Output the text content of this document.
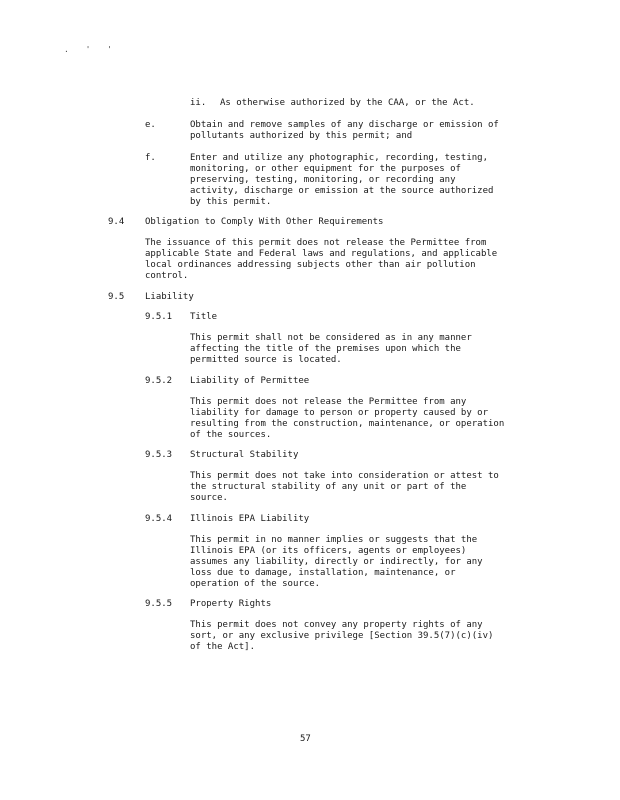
. ' '
ii. As otherwise authorized by the CAA, or the Act.
e.	Obtain and remove samples of any discharge or emission of
pollutants authorized by this permit; and
f.	Enter and utilize any photographic, recording, testing,
monitoring, or other equipment for the purposes of
preserving, testing, monitoring, or recording any
activity, discharge or emission at the source authorized
by this permit.
9.4 Obligation to Comply With Other Requirements
The issuance of this permit does not release the Permittee from
applicable State and Federal laws and regulations, and applicable
local ordinances addressing subjects other than air pollution
control.
9.5 Liability
9.5.1 Title
This permit shall not be considered as in any manner
affecting the title of the premises upon which the
permitted source is located.
9.5.2 Liability of Permittee
This permit does not release the Permittee from any
liability for damage to person or property caused by or
resulting from the construction, maintenance, or operation
of the sources.
9.5.3 Structural Stability
This permit does not take into consideration or attest to
the structural stability of any unit or part of the
source.
9.5.4 Illinois EPA Liability
This permit in no manner implies or suggests that the
Illinois EPA (or its officers, agents or employees)
assumes any liability, directly or indirectly, for any
loss due to damage, installation, maintenance, or
operation of the source.
9.5.5 Property Rights
This permit does not convey any property rights of any
sort, or any exclusive privilege [Section 39.5(7)(c)(iv)
of the Act].
57
